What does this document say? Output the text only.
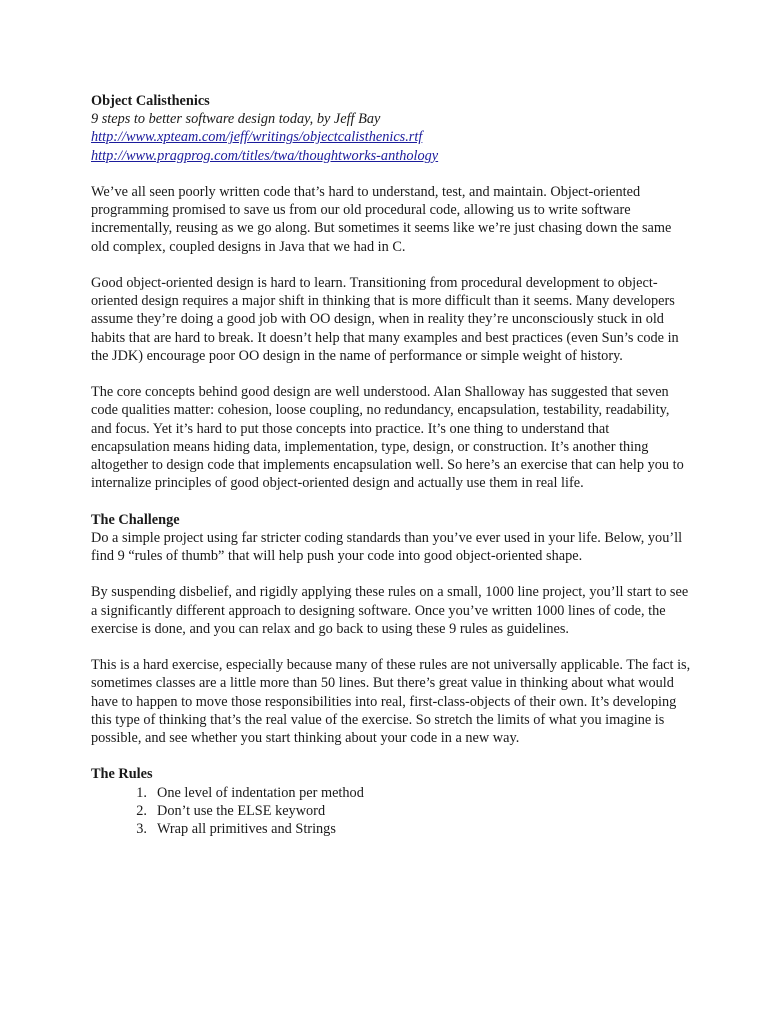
Object Calisthenics

9 steps to better software design today, by Jeff Bay

http://www.xpteam.com/jeff/writings/objectcalisthenics.rtf
http://www.pragprog.com/titles/twa/thoughtworks-anthology

We’ve all seen poorly written code that’s hard to understand, test, and maintain. Object-oriented programming promised to save us from our old procedural code, allowing us to write software incrementally, reusing as we go along. But sometimes it seems like we’re just chasing down the same old complex, coupled designs in Java that we had in C.

Good object-oriented design is hard to learn. Transitioning from procedural development to object-oriented design requires a major shift in thinking that is more difficult than it seems. Many developers assume they’re doing a good job with OO design, when in reality they’re unconsciously stuck in old habits that are hard to break. It doesn’t help that many examples and best practices (even Sun’s code in the JDK) encourage poor OO design in the name of performance or simple weight of history.

The core concepts behind good design are well understood. Alan Shalloway has suggested that seven code qualities matter: cohesion, loose coupling, no redundancy, encapsulation, testability, readability, and focus. Yet it’s hard to put those concepts into practice. It’s one thing to understand that encapsulation means hiding data, implementation, type, design, or construction. It’s another thing altogether to design code that implements encapsulation well. So here’s an exercise that can help you to internalize principles of good object-oriented design and actually use them in real life.

The Challenge

Do a simple project using far stricter coding standards than you’ve ever used in your life. Below, you’ll find 9 “rules of thumb” that will help push your code into good object-oriented shape.

By suspending disbelief, and rigidly applying these rules on a small, 1000 line project, you’ll start to see a significantly different approach to designing software. Once you’ve written 1000 lines of code, the exercise is done, and you can relax and go back to using these 9 rules as guidelines.

This is a hard exercise, especially because many of these rules are not universally applicable. The fact is, sometimes classes are a little more than 50 lines. But there’s great value in thinking about what would have to happen to move those responsibilities into real, first-class-objects of their own. It’s developing this type of thinking that’s the real value of the exercise. So stretch the limits of what you imagine is possible, and see whether you start thinking about your code in a new way.

The Rules

1. One level of indentation per method
2. Don’t use the ELSE keyword
3. Wrap all primitives and Strings
